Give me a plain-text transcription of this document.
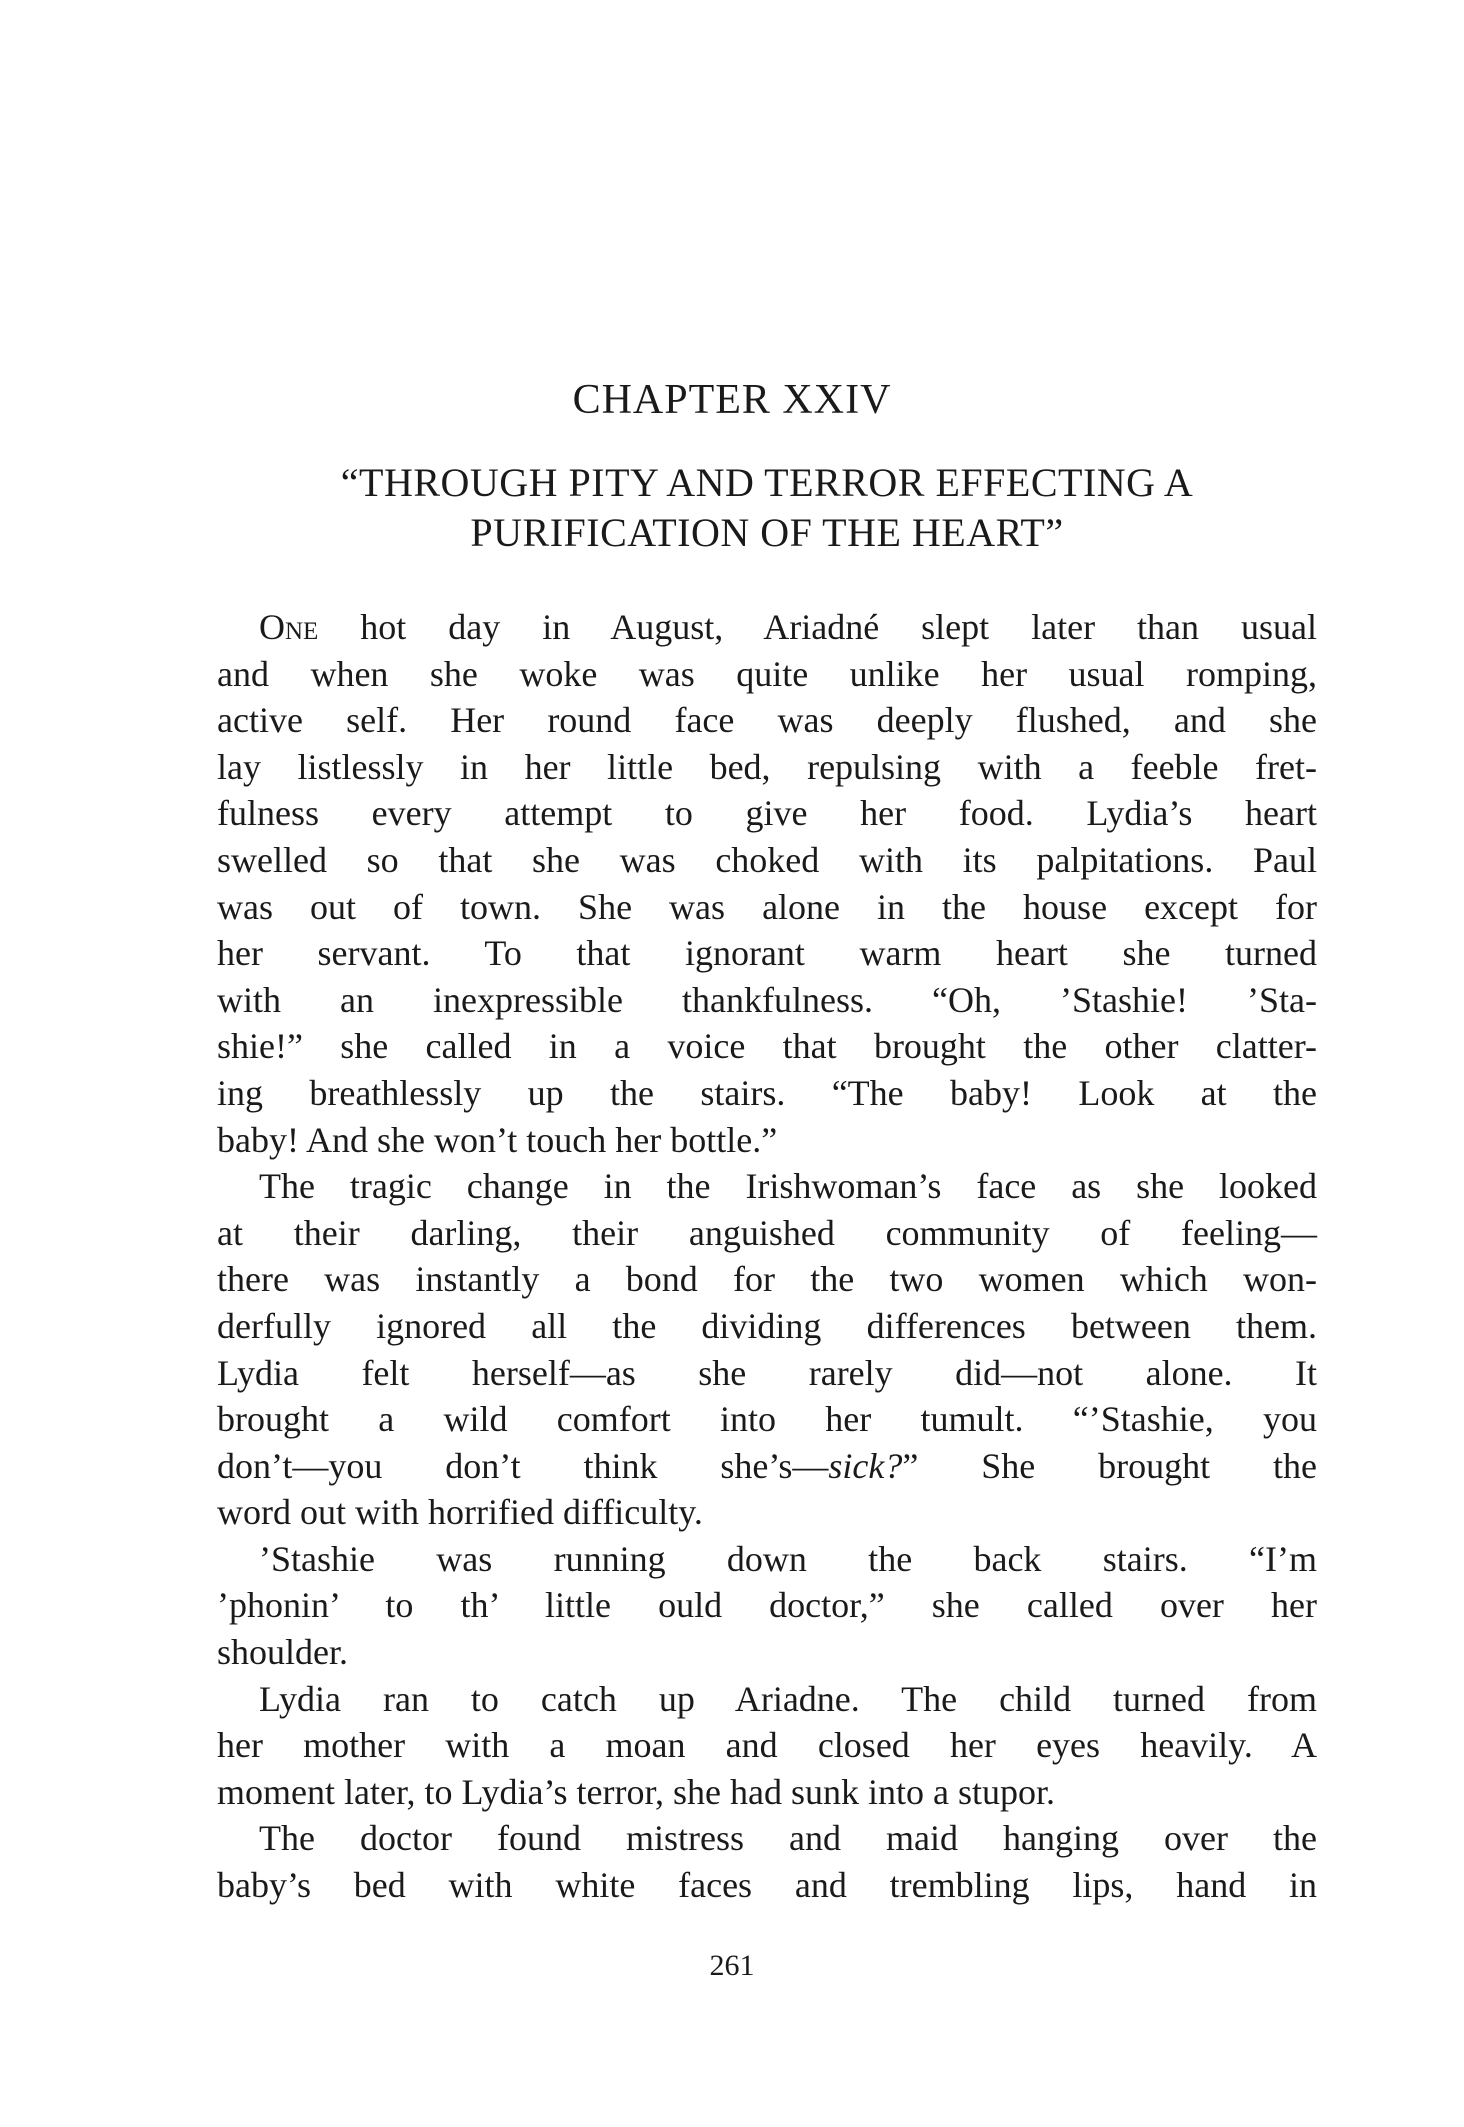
CHAPTER XXIV
“THROUGH PITY AND TERROR EFFECTING A
PURIFICATION OF THE HEART”
One hot day in August, Ariadné slept later than usual
and when she woke was quite unlike her usual romping,
active self. Her round face was deeply flushed, and she
lay listlessly in her little bed, repulsing with a feeble fret-
fulness every attempt to give her food. Lydia’s heart
swelled so that she was choked with its palpitations. Paul
was out of town. She was alone in the house except for
her servant. To that ignorant warm heart she turned
with an inexpressible thankfulness. “Oh, ’Stashie! ’Sta-
shie!” she called in a voice that brought the other clatter-
ing breathlessly up the stairs. “The baby! Look at the
baby! And she won’t touch her bottle.”
The tragic change in the Irishwoman’s face as she looked
at their darling, their anguished community of feeling—
there was instantly a bond for the two women which won-
derfully ignored all the dividing differences between them.
Lydia felt herself—as she rarely did—not alone. It
brought a wild comfort into her tumult. “’Stashie, you
don’t—you don’t think she’s—sick?” She brought the
word out with horrified difficulty.
’Stashie was running down the back stairs. “I’m
’phonin’ to th’ little ould doctor,” she called over her
shoulder.
Lydia ran to catch up Ariadne. The child turned from
her mother with a moan and closed her eyes heavily. A
moment later, to Lydia’s terror, she had sunk into a stupor.
The doctor found mistress and maid hanging over the
baby’s bed with white faces and trembling lips, hand in
261
